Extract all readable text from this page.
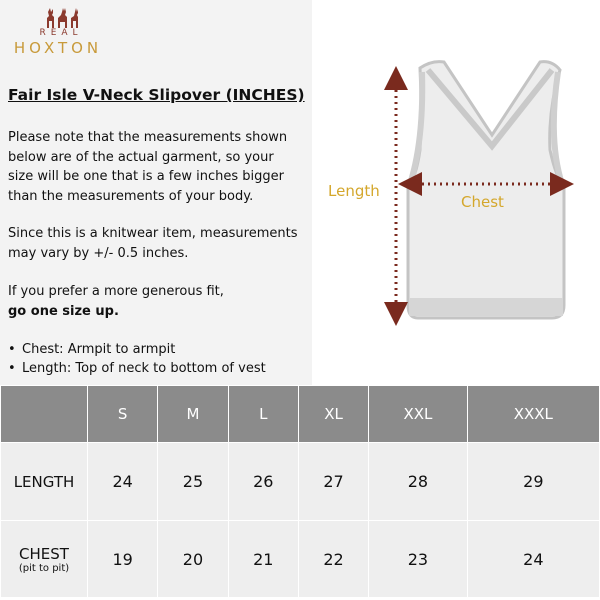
REAL
HOXTON
Fair Isle V-Neck Slipover (INCHES)
Please note that the measurements shown
below are of the actual garment, so your
size will be one that is a few inches bigger
than the measurements of your body.
Since this is a knitwear item, measurements
may vary by +/- 0.5 inches.
If you prefer a more generous fit,
go one size up.
• Chest: Armpit to armpit
• Length: Top of neck to bottom of vest
Length
Chest
	S	M	L	XL	XXL	XXXL
LENGTH	24	25	26	27	28	29
CHEST
(pit to pit)	19	20	21	22	23	24
